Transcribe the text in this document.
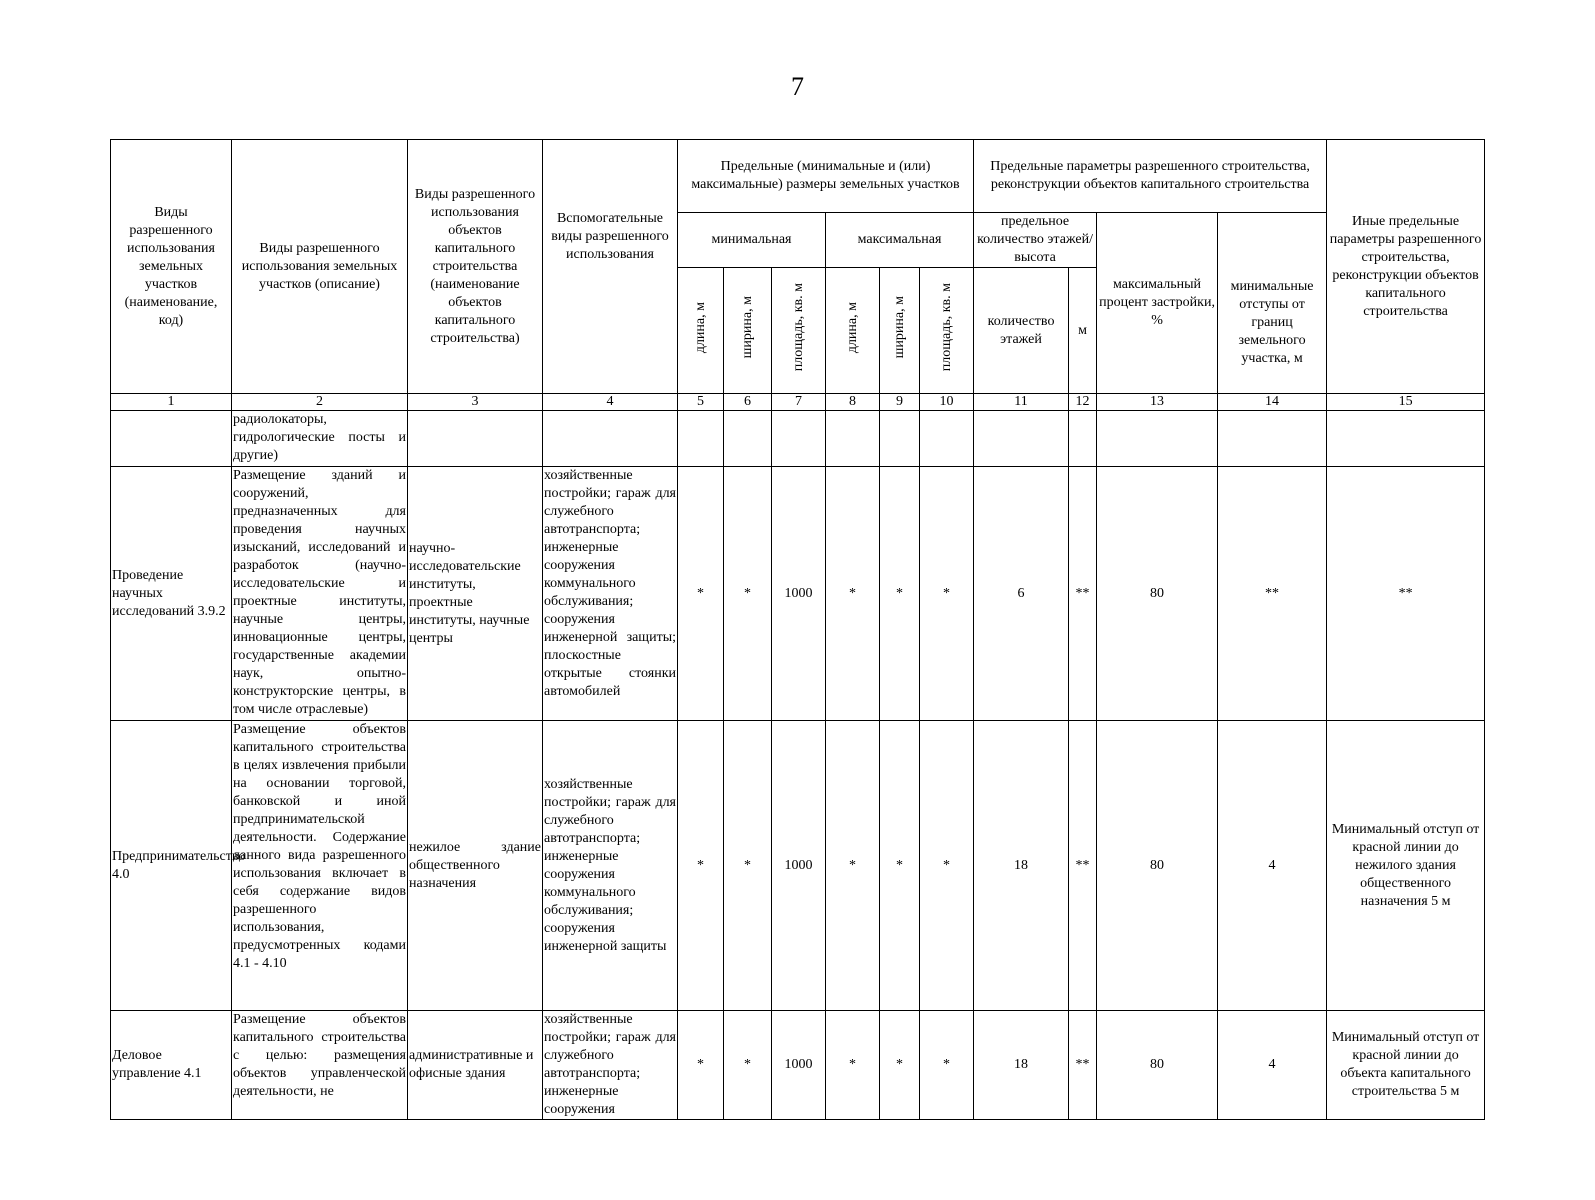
7
Виды разрешенного использования земельных участков (наименование, код)	Виды разрешенного использования земельных участков (описание)	Виды разрешенного использования объектов капитального строительства (наименование объектов капитального строительства)	Вспомогательные виды разрешенного использования	Предельные (минимальные и (или) максимальные) размеры земельных участков						Предельные параметры разрешенного строительства, реконструкции объектов капитального строительства				Иные предельные параметры разрешенного строительства, реконструкции объектов капитального строительства
				минимальная			максимальная			предельное количество этажей/высота		максимальный процент застройки, %	минимальные отступы от границ земельного участка, м	

				длина, м	ширина, м	площадь, кв. м	длина, м	ширина, м	площадь, кв. м	количество этажей	м			
1	2	3	4	5	6	7	8	9	10	11	12	13	14	15
	радиолокаторы, гидрологические посты и другие)													
Проведение научных исследований 3.9.2	Размещение зданий и сооружений, предназначенных для проведения научных изысканий, исследований и разработок (научно-исследовательские и проектные институты, научные центры, инновационные центры, государственные академии наук, опытно-конструкторские центры, в том числе отраслевые)	научно-исследовательские институты, проектные институты, научные центры	хозяйственные постройки; гараж для служебного автотранспорта; инженерные сооружения коммунального обслуживания; сооружения инженерной защиты; плоскостные открытые стоянки автомобилей	*	*	1000	*	*	*	6	**	80	**	**
Предпринимательство 4.0	Размещение объектов капитального строительства в целях извлечения прибыли на основании торговой, банковской и иной предпринимательской деятельности. Содержание данного вида разрешенного использования включает в себя содержание видов разрешенного использования, предусмотренных кодами 4.1 - 4.10	нежилое здание общественного назначения	хозяйственные постройки; гараж для служебного автотранспорта; инженерные сооружения коммунального обслуживания; сооружения инженерной защиты	*	*	1000	*	*	*	18	**	80	4	Минимальный отступ от красной линии до нежилого здания общественного назначения 5 м
Деловое управление 4.1	Размещение объектов капитального строительства с целью: размещения объектов управленческой деятельности, не	административные и офисные здания	хозяйственные постройки; гараж для служебного автотранспорта; инженерные сооружения	*	*	1000	*	*	*	18	**	80	4	Минимальный отступ от красной линии до объекта капитального строительства 5 м
